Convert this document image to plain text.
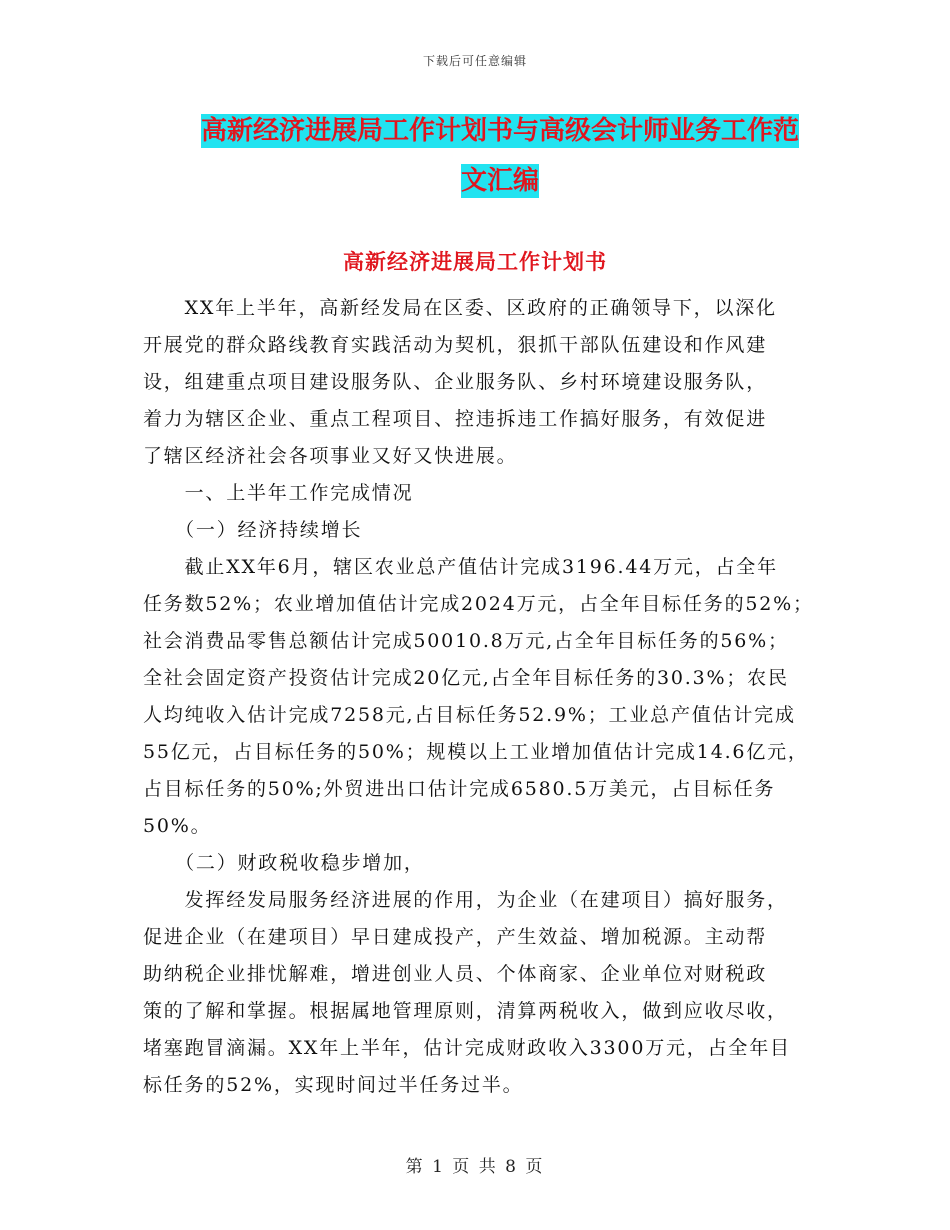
下载后可任意编辑
高新经济进展局工作计划书与高级会计师业务工作范
文汇编
高新经济进展局工作计划书
　　XX年上半年，高新经发局在区委、区政府的正确领导下，以深化
开展党的群众路线教育实践活动为契机，狠抓干部队伍建设和作风建
设，组建重点项目建设服务队、企业服务队、乡村环境建设服务队，
着力为辖区企业、重点工程项目、控违拆违工作搞好服务，有效促进
了辖区经济社会各项事业又好又快进展。
　　一、上半年工作完成情况
　　（一）经济持续增长
　　截止XX年6月，辖区农业总产值估计完成3196.44万元，占全年
任务数52%；农业增加值估计完成2024万元，占全年目标任务的52%；
社会消费品零售总额估计完成50010.8万元,占全年目标任务的56%；
全社会固定资产投资估计完成20亿元,占全年目标任务的30.3%；农民
人均纯收入估计完成7258元,占目标任务52.9%；工业总产值估计完成
55亿元，占目标任务的50%；规模以上工业增加值估计完成14.6亿元，
占目标任务的50%;外贸进出口估计完成6580.5万美元，占目标任务
50%。
　　（二）财政税收稳步增加，
　　发挥经发局服务经济进展的作用，为企业（在建项目）搞好服务，
促进企业（在建项目）早日建成投产，产生效益、增加税源。主动帮
助纳税企业排忧解难，增进创业人员、个体商家、企业单位对财税政
策的了解和掌握。根据属地管理原则，清算两税收入，做到应收尽收，
堵塞跑冒滴漏。XX年上半年，估计完成财政收入3300万元，占全年目
标任务的52%，实现时间过半任务过半。
第 1 页 共 8 页
